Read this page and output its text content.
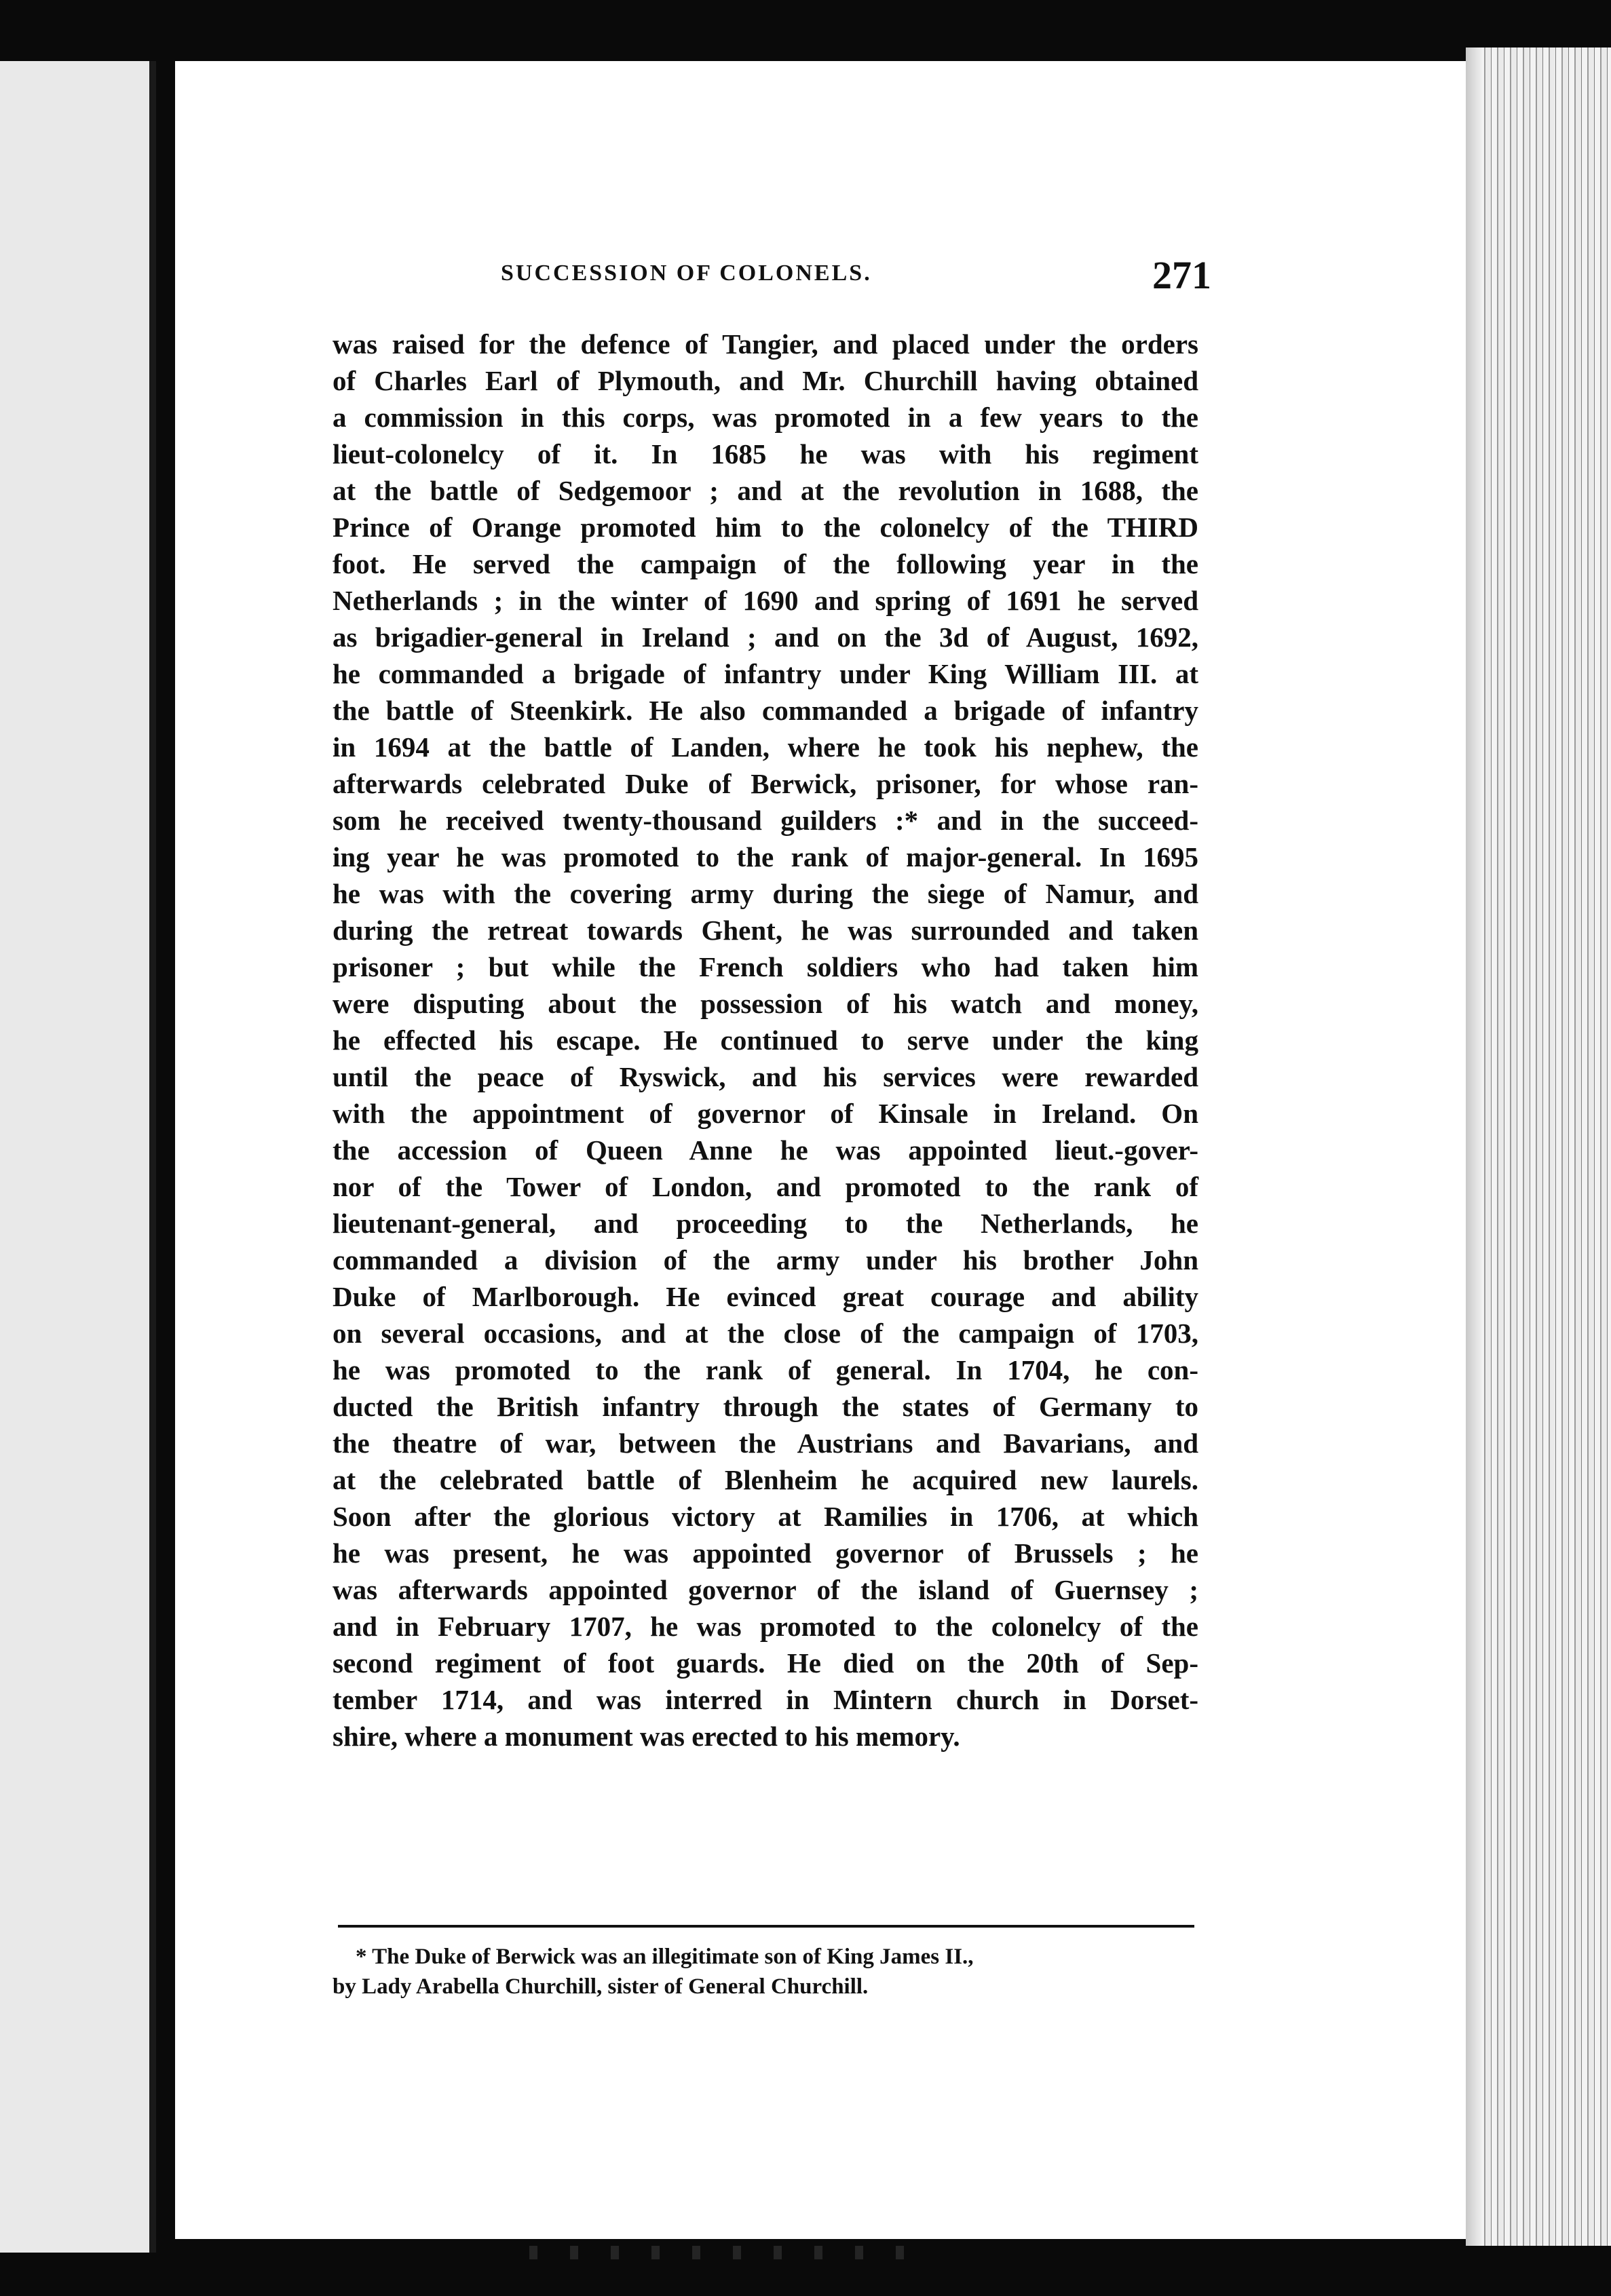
SUCCESSION OF COLONELS.	271
was raised for the defence of Tangier, and placed under the orders
of Charles Earl of Plymouth, and Mr. Churchill having obtained
a commission in this corps, was promoted in a few years to the
lieut-colonelcy of it. In 1685 he was with his regiment
at the battle of Sedgemoor ; and at the revolution in 1688, the
Prince of Orange promoted him to the colonelcy of the THIRD
foot. He served the campaign of the following year in the
Netherlands ; in the winter of 1690 and spring of 1691 he served
as brigadier-general in Ireland ; and on the 3d of August, 1692,
he commanded a brigade of infantry under King William III. at
the battle of Steenkirk. He also commanded a brigade of infantry
in 1694 at the battle of Landen, where he took his nephew, the
afterwards celebrated Duke of Berwick, prisoner, for whose ran-
som he received twenty-thousand guilders :* and in the succeed-
ing year he was promoted to the rank of major-general. In 1695
he was with the covering army during the siege of Namur, and
during the retreat towards Ghent, he was surrounded and taken
prisoner ; but while the French soldiers who had taken him
were disputing about the possession of his watch and money,
he effected his escape. He continued to serve under the king
until the peace of Ryswick, and his services were rewarded
with the appointment of governor of Kinsale in Ireland. On
the accession of Queen Anne he was appointed lieut.-gover-
nor of the Tower of London, and promoted to the rank of
lieutenant-general, and proceeding to the Netherlands, he
commanded a division of the army under his brother John
Duke of Marlborough. He evinced great courage and ability
on several occasions, and at the close of the campaign of 1703,
he was promoted to the rank of general. In 1704, he con-
ducted the British infantry through the states of Germany to
the theatre of war, between the Austrians and Bavarians, and
at the celebrated battle of Blenheim he acquired new laurels.
Soon after the glorious victory at Ramilies in 1706, at which
he was present, he was appointed governor of Brussels ; he
was afterwards appointed governor of the island of Guernsey ;
and in February 1707, he was promoted to the colonelcy of the
second regiment of foot guards. He died on the 20th of Sep-
tember 1714, and was interred in Mintern church in Dorset-
shire, where a monument was erected to his memory.
* The Duke of Berwick was an illegitimate son of King James II.,
by Lady Arabella Churchill, sister of General Churchill.
